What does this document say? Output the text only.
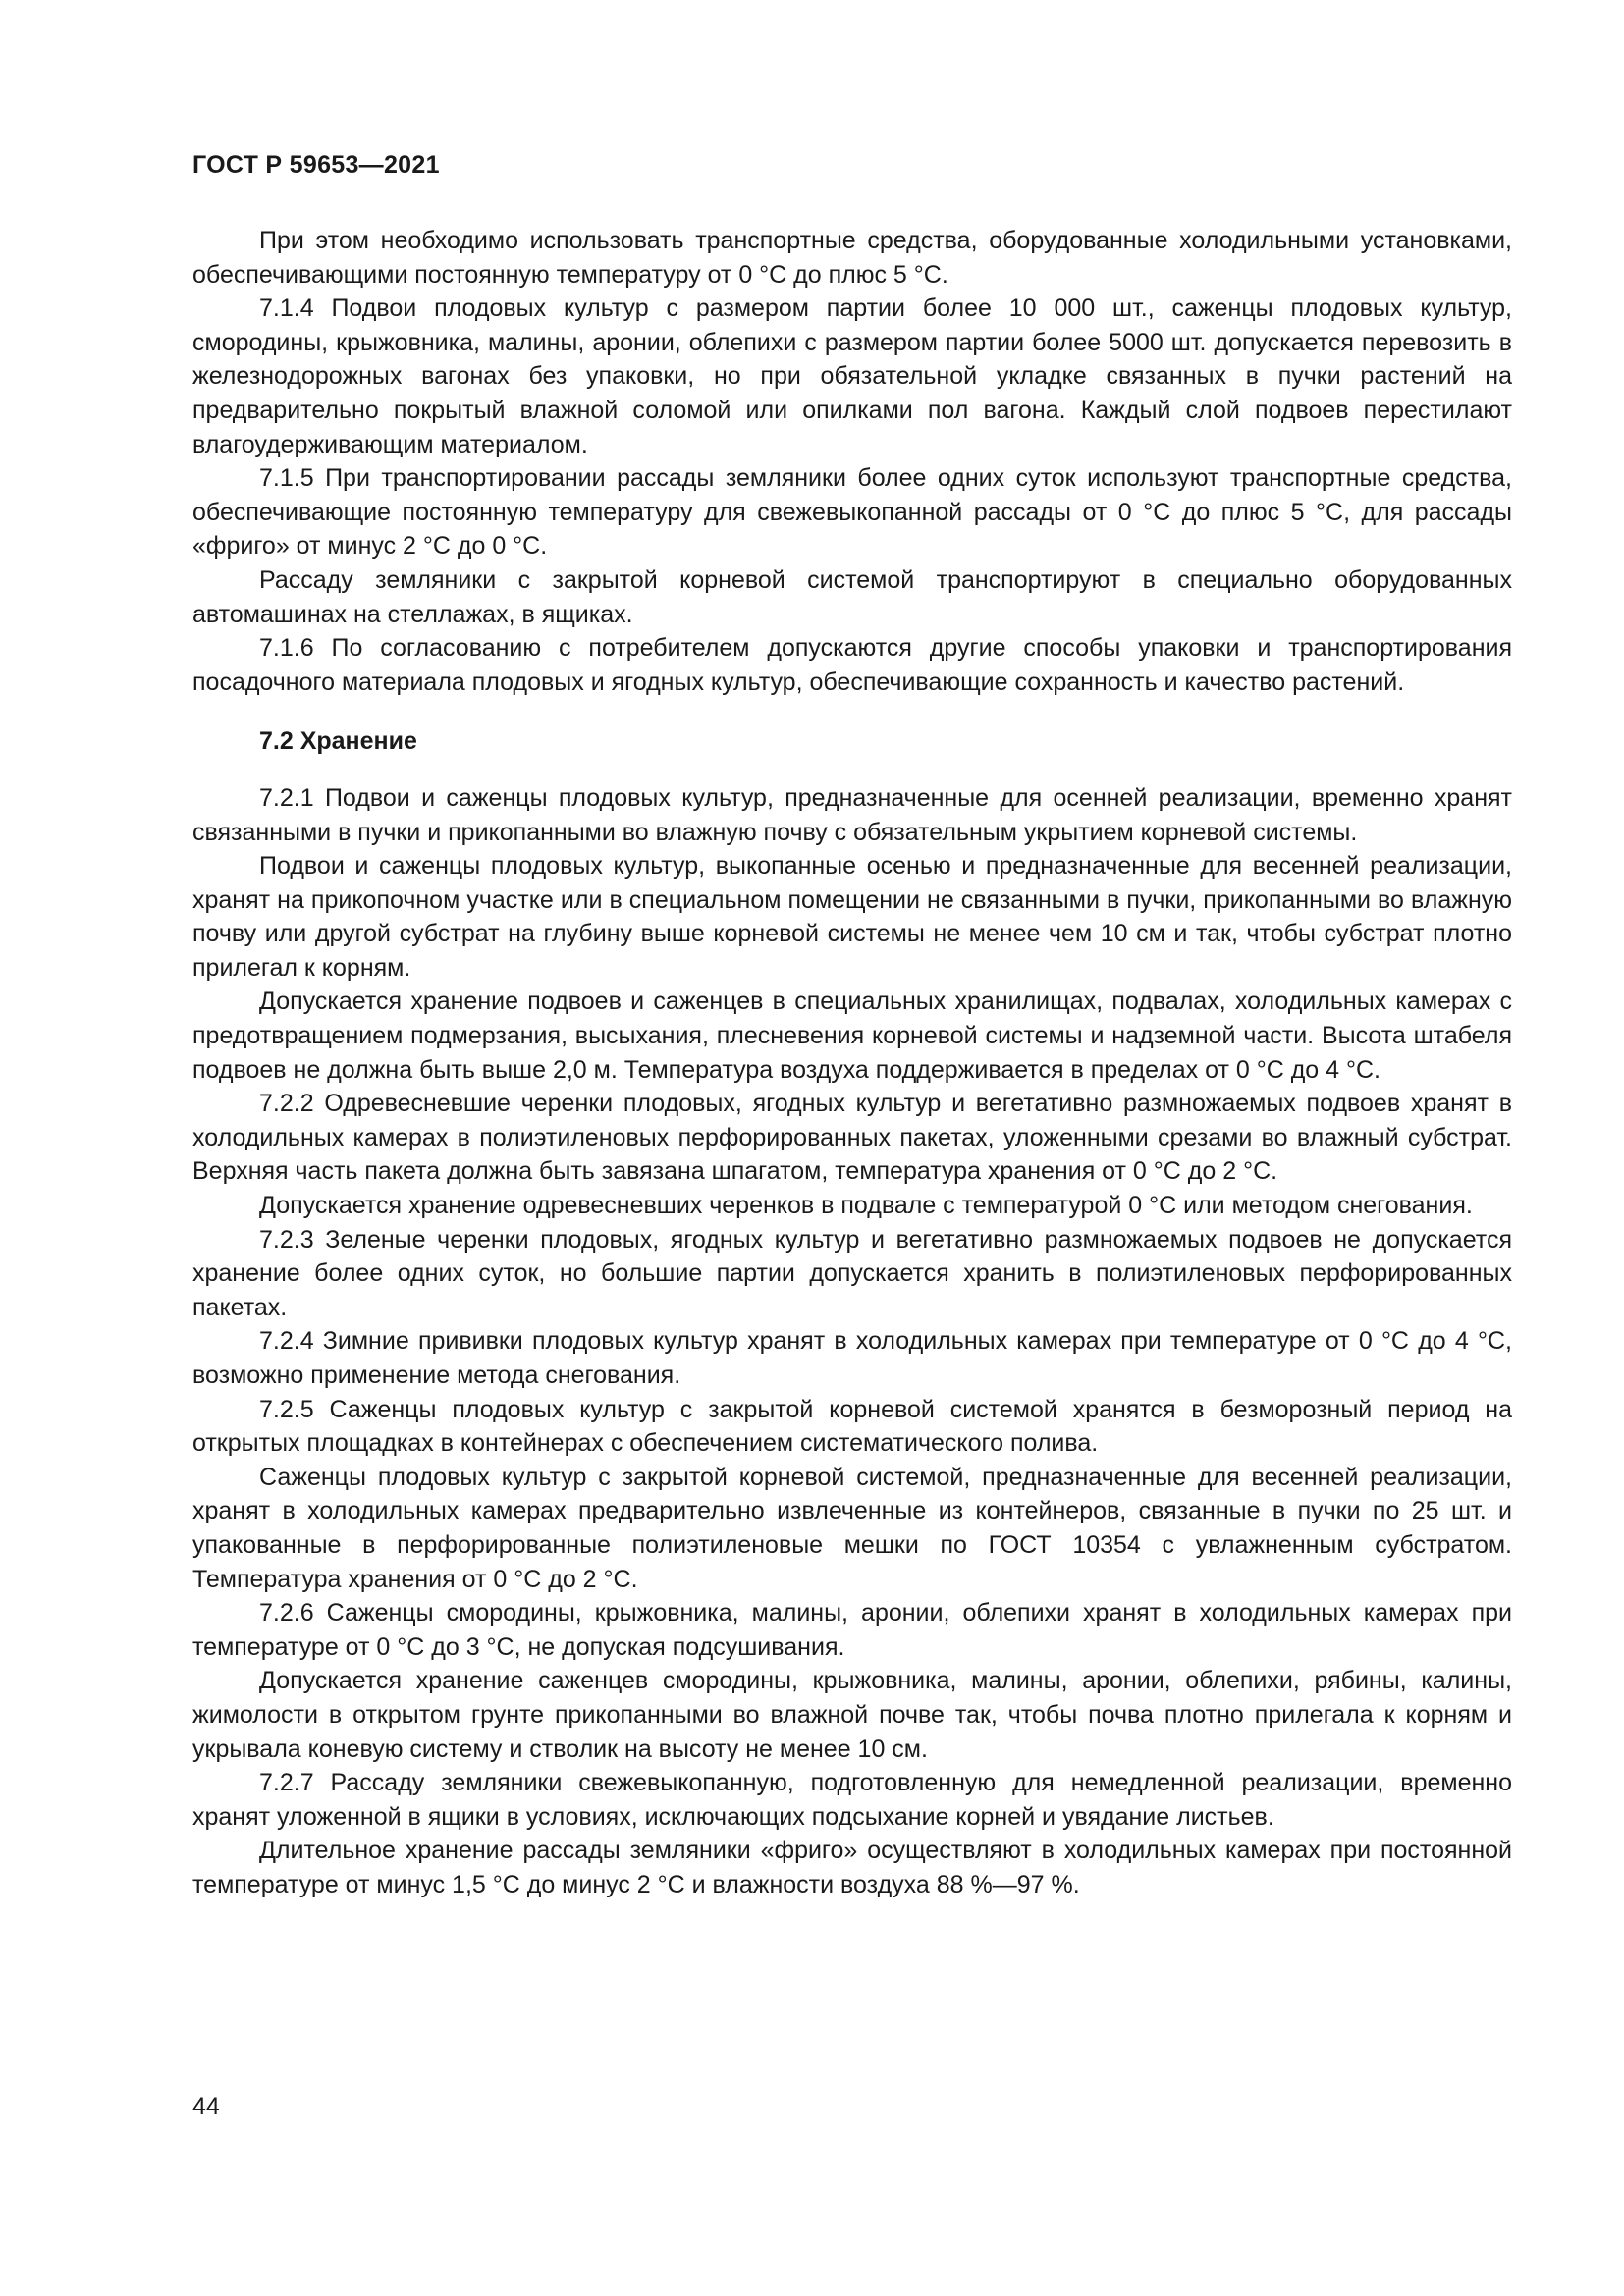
ГОСТ Р 59653—2021

При этом необходимо использовать транспортные средства, оборудованные холодильными установками, обеспечивающими постоянную температуру от 0 °С до плюс 5 °С.

7.1.4 Подвои плодовых культур с размером партии более 10 000 шт., саженцы плодовых культур, смородины, крыжовника, малины, аронии, облепихи с размером партии более 5000 шт. допускается перевозить в железнодорожных вагонах без упаковки, но при обязательной укладке связанных в пучки растений на предварительно покрытый влажной соломой или опилками пол вагона. Каждый слой подвоев перестилают влагоудерживающим материалом.

7.1.5 При транспортировании рассады земляники более одних суток используют транспортные средства, обеспечивающие постоянную температуру для свежевыкопанной рассады от 0 °С до плюс 5 °С, для рассады «фриго» от минус 2 °С до 0 °С.

Рассаду земляники с закрытой корневой системой транспортируют в специально оборудованных автомашинах на стеллажах, в ящиках.

7.1.6 По согласованию с потребителем допускаются другие способы упаковки и транспортирования посадочного материала плодовых и ягодных культур, обеспечивающие сохранность и качество растений.

7.2 Хранение

7.2.1 Подвои и саженцы плодовых культур, предназначенные для осенней реализации, временно хранят связанными в пучки и прикопанными во влажную почву с обязательным укрытием корневой системы.

Подвои и саженцы плодовых культур, выкопанные осенью и предназначенные для весенней реализации, хранят на прикопочном участке или в специальном помещении не связанными в пучки, прикопанными во влажную почву или другой субстрат на глубину выше корневой системы не менее чем 10 см и так, чтобы субстрат плотно прилегал к корням.

Допускается хранение подвоев и саженцев в специальных хранилищах, подвалах, холодильных камерах с предотвращением подмерзания, высыхания, плесневения корневой системы и надземной части. Высота штабеля подвоев не должна быть выше 2,0 м. Температура воздуха поддерживается в пределах от 0 °С до 4 °С.

7.2.2 Одревесневшие черенки плодовых, ягодных культур и вегетативно размножаемых подвоев хранят в холодильных камерах в полиэтиленовых перфорированных пакетах, уложенными срезами во влажный субстрат. Верхняя часть пакета должна быть завязана шпагатом, температура хранения от 0 °С до 2 °С.

Допускается хранение одревесневших черенков в подвале с температурой 0 °С или методом снегования.

7.2.3 Зеленые черенки плодовых, ягодных культур и вегетативно размножаемых подвоев не допускается хранение более одних суток, но большие партии допускается хранить в полиэтиленовых перфорированных пакетах.

7.2.4 Зимние прививки плодовых культур хранят в холодильных камерах при температуре от 0 °С до 4 °С, возможно применение метода снегования.

7.2.5 Саженцы плодовых культур с закрытой корневой системой хранятся в безморозный период на открытых площадках в контейнерах с обеспечением систематического полива.

Саженцы плодовых культур с закрытой корневой системой, предназначенные для весенней реализации, хранят в холодильных камерах предварительно извлеченные из контейнеров, связанные в пучки по 25 шт. и упакованные в перфорированные полиэтиленовые мешки по ГОСТ 10354 с увлажненным субстратом. Температура хранения от 0 °С до 2 °С.

7.2.6 Саженцы смородины, крыжовника, малины, аронии, облепихи хранят в холодильных камерах при температуре от 0 °С до 3 °С, не допуская подсушивания.

Допускается хранение саженцев смородины, крыжовника, малины, аронии, облепихи, рябины, калины, жимолости в открытом грунте прикопанными во влажной почве так, чтобы почва плотно прилегала к корням и укрывала коневую систему и стволик на высоту не менее 10 см.

7.2.7 Рассаду земляники свежевыкопанную, подготовленную для немедленной реализации, временно хранят уложенной в ящики в условиях, исключающих подсыхание корней и увядание листьев.

Длительное хранение рассады земляники «фриго» осуществляют в холодильных камерах при постоянной температуре от минус 1,5 °С до минус 2 °С и влажности воздуха 88 %—97 %.

44
